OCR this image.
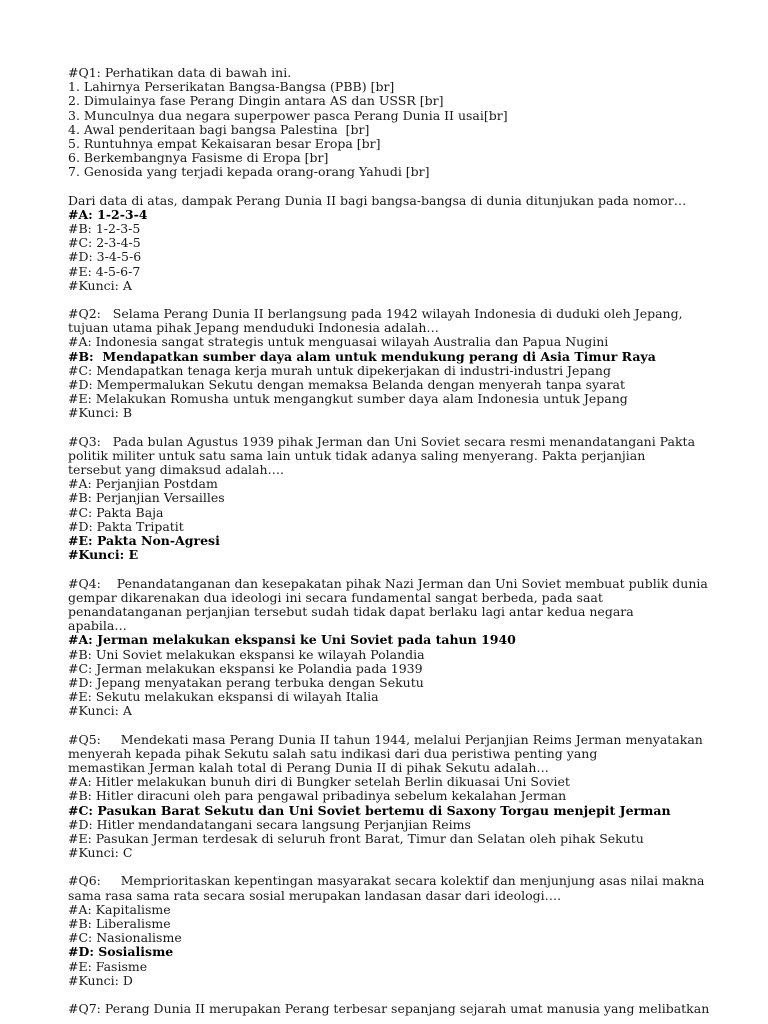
#Q1: Perhatikan data di bawah ini.
1. Lahirnya Perserikatan Bangsa-Bangsa (PBB) [br]
2. Dimulainya fase Perang Dingin antara AS dan USSR [br]
3. Munculnya dua negara superpower pasca Perang Dunia II usai[br]
4. Awal penderitaan bagi bangsa Palestina  [br]
5. Runtuhnya empat Kekaisaran besar Eropa [br]
6. Berkembangnya Fasisme di Eropa [br]
7. Genosida yang terjadi kepada orang-orang Yahudi [br]
Dari data di atas, dampak Perang Dunia II bagi bangsa-bangsa di dunia ditunjukan pada nomor…
#A: 1-2-3-4
#B: 1-2-3-5
#C: 2-3-4-5
#D: 3-4-5-6
#E: 4-5-6-7
#Kunci: A
#Q2:   Selama Perang Dunia II berlangsung pada 1942 wilayah Indonesia di duduki oleh Jepang,
tujuan utama pihak Jepang menduduki Indonesia adalah…
#A: Indonesia sangat strategis untuk menguasai wilayah Australia dan Papua Nugini
#B:  Mendapatkan sumber daya alam untuk mendukung perang di Asia Timur Raya
#C: Mendapatkan tenaga kerja murah untuk dipekerjakan di industri-industri Jepang
#D: Mempermalukan Sekutu dengan memaksa Belanda dengan menyerah tanpa syarat
#E: Melakukan Romusha untuk mengangkut sumber daya alam Indonesia untuk Jepang
#Kunci: B
#Q3:   Pada bulan Agustus 1939 pihak Jerman dan Uni Soviet secara resmi menandatangani Pakta
politik militer untuk satu sama lain untuk tidak adanya saling menyerang. Pakta perjanjian
tersebut yang dimaksud adalah….
#A: Perjanjian Postdam
#B: Perjanjian Versailles
#C: Pakta Baja
#D: Pakta Tripatit
#E: Pakta Non-Agresi
#Kunci: E
#Q4:    Penandatanganan dan kesepakatan pihak Nazi Jerman dan Uni Soviet membuat publik dunia
gempar dikarenakan dua ideologi ini secara fundamental sangat berbeda, pada saat
penandatanganan perjanjian tersebut sudah tidak dapat berlaku lagi antar kedua negara
apabila…
#A: Jerman melakukan ekspansi ke Uni Soviet pada tahun 1940
#B: Uni Soviet melakukan ekspansi ke wilayah Polandia
#C: Jerman melakukan ekspansi ke Polandia pada 1939
#D: Jepang menyatakan perang terbuka dengan Sekutu
#E: Sekutu melakukan ekspansi di wilayah Italia
#Kunci: A
#Q5:     Mendekati masa Perang Dunia II tahun 1944, melalui Perjanjian Reims Jerman menyatakan
menyerah kepada pihak Sekutu salah satu indikasi dari dua peristiwa penting yang
memastikan Jerman kalah total di Perang Dunia II di pihak Sekutu adalah…
#A: Hitler melakukan bunuh diri di Bungker setelah Berlin dikuasai Uni Soviet
#B: Hitler diracuni oleh para pengawal pribadinya sebelum kekalahan Jerman
#C: Pasukan Barat Sekutu dan Uni Soviet bertemu di Saxony Torgau menjepit Jerman
#D: Hitler mendandatangani secara langsung Perjanjian Reims
#E: Pasukan Jerman terdesak di seluruh front Barat, Timur dan Selatan oleh pihak Sekutu
#Kunci: C
#Q6:     Memprioritaskan kepentingan masyarakat secara kolektif dan menjunjung asas nilai makna
sama rasa sama rata secara sosial merupakan landasan dasar dari ideologi….
#A: Kapitalisme
#B: Liberalisme
#C: Nasionalisme
#D: Sosialisme
#E: Fasisme
#Kunci: D
#Q7: Perang Dunia II merupakan Perang terbesar sepanjang sejarah umat manusia yang melibatkan
